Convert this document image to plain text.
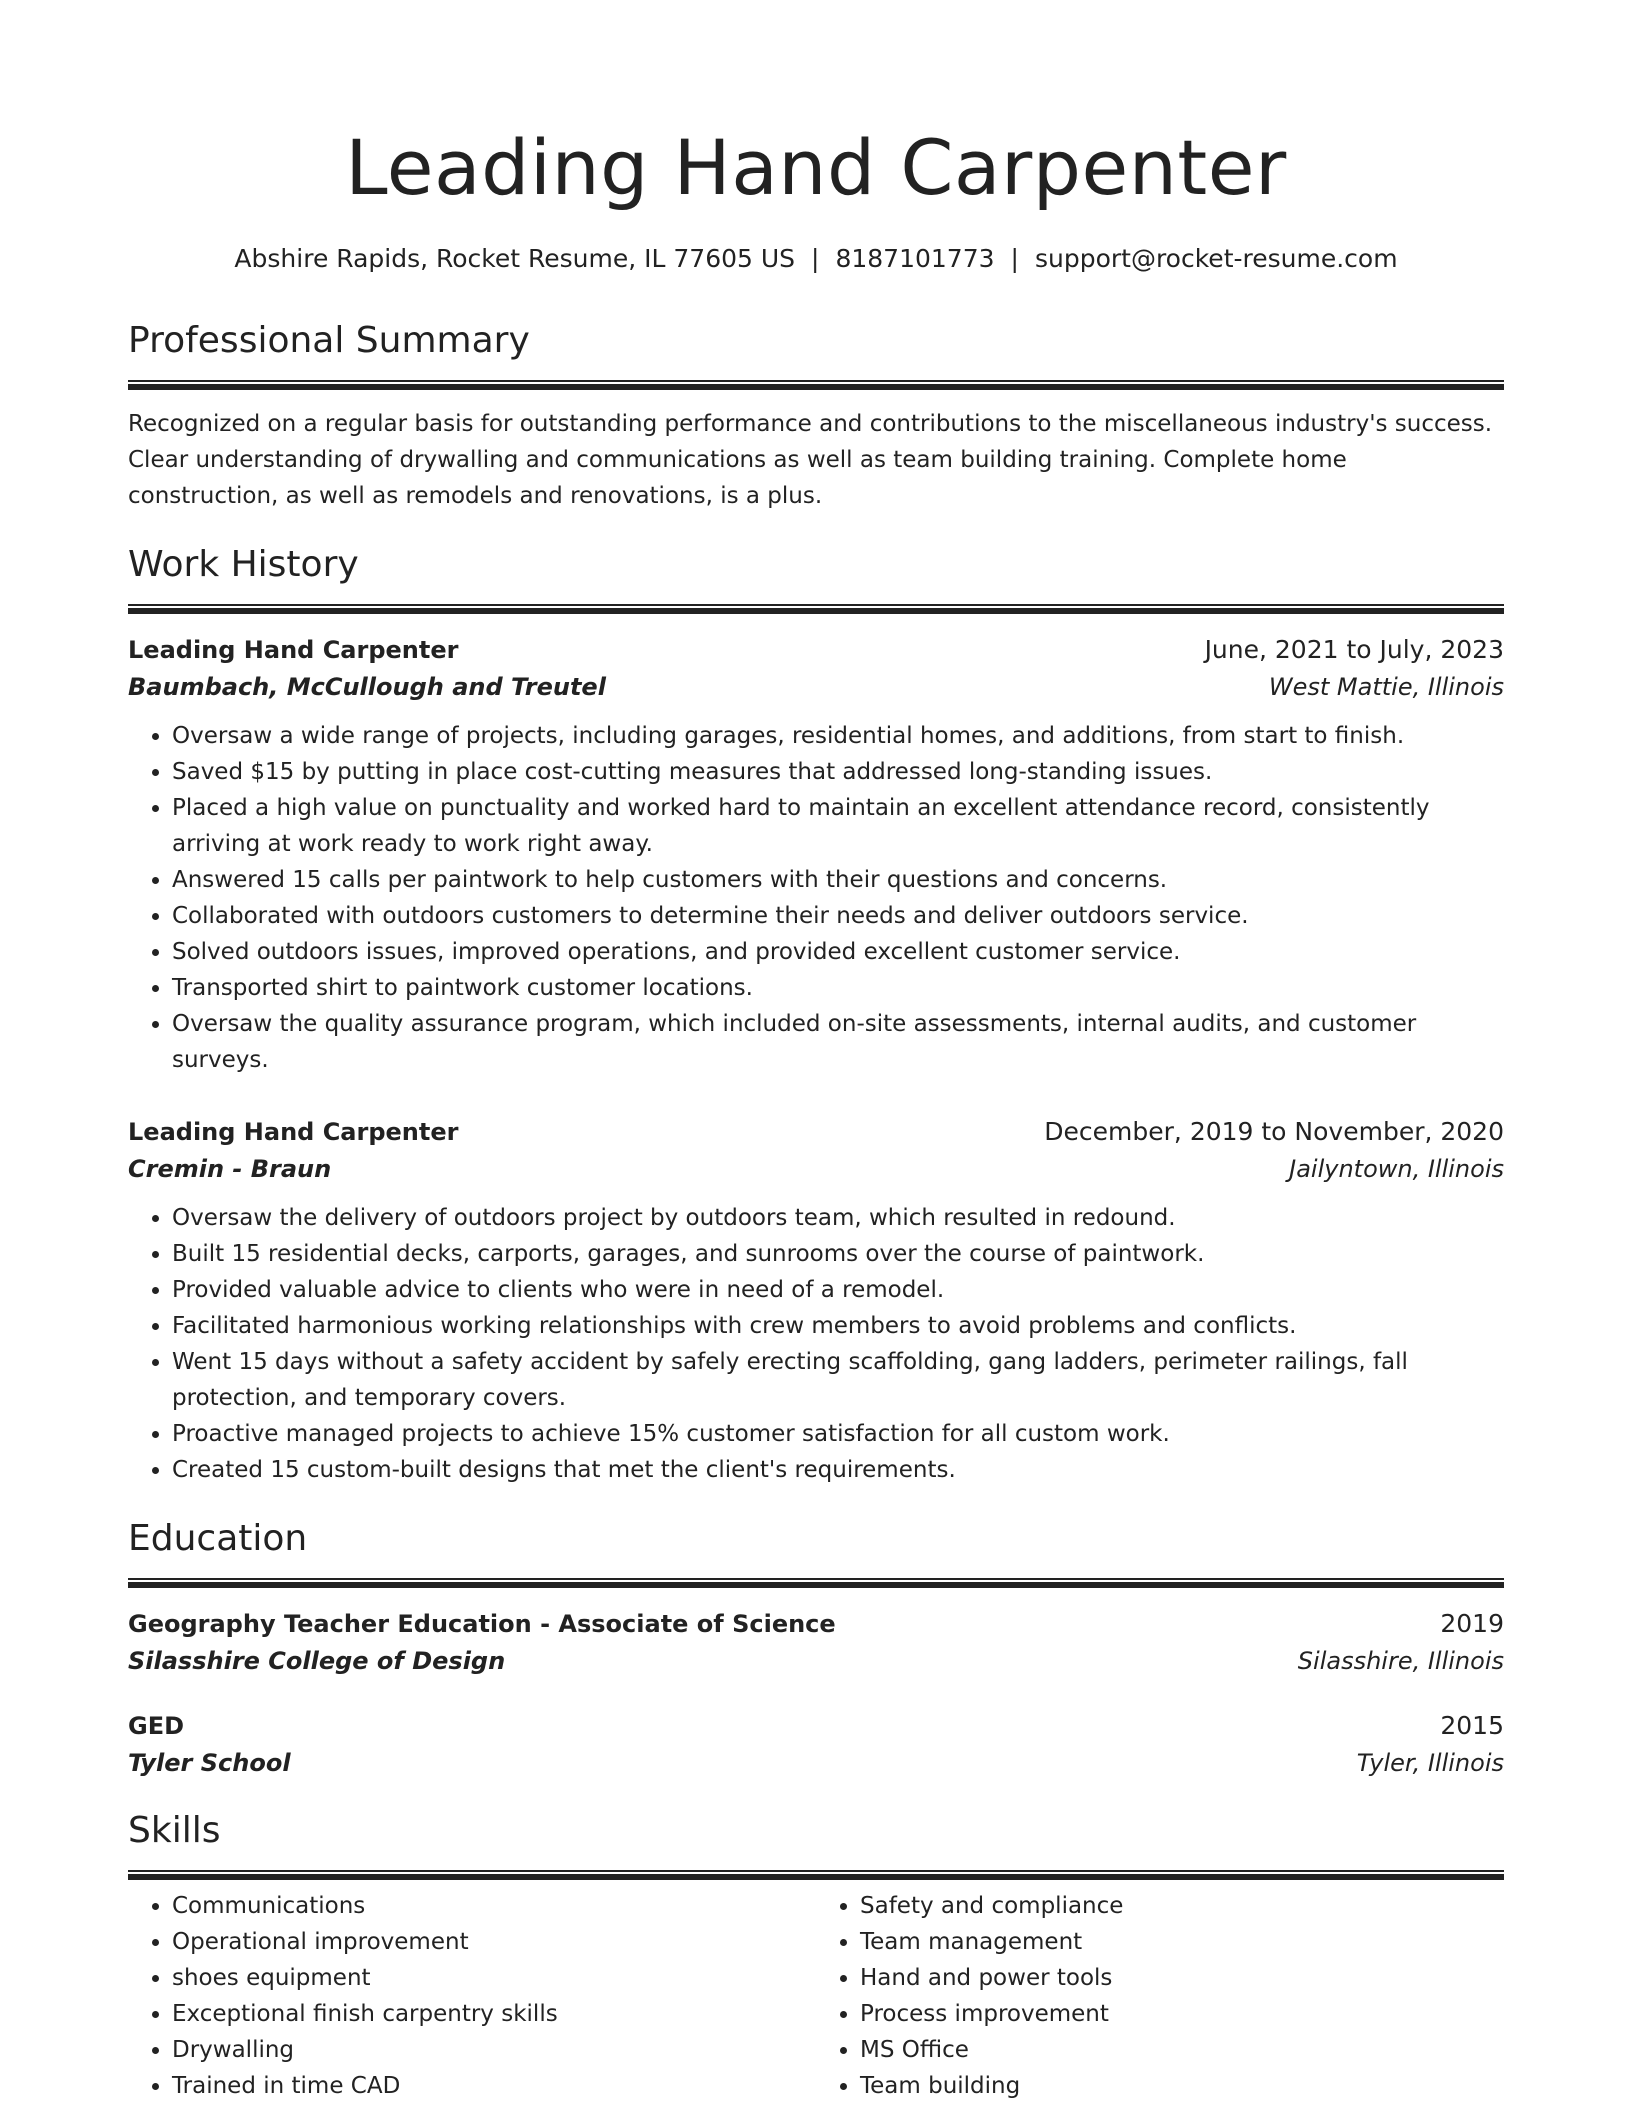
Leading Hand Carpenter
Abshire Rapids, Rocket Resume, IL 77605 US | 8187101773 | support@rocket-resume.com
Professional Summary
Recognized on a regular basis for outstanding performance and contributions to the miscellaneous industry's success. Clear understanding of drywalling and communications as well as team building training. Complete home construction, as well as remodels and renovations, is a plus.
Work History
Leading Hand Carpenter	June, 2021 to July, 2023
Baumbach, McCullough and Treutel	West Mattie, Illinois
• Oversaw a wide range of projects, including garages, residential homes, and additions, from start to finish.
• Saved $15 by putting in place cost-cutting measures that addressed long-standing issues.
• Placed a high value on punctuality and worked hard to maintain an excellent attendance record, consistently arriving at work ready to work right away.
• Answered 15 calls per paintwork to help customers with their questions and concerns.
• Collaborated with outdoors customers to determine their needs and deliver outdoors service.
• Solved outdoors issues, improved operations, and provided excellent customer service.
• Transported shirt to paintwork customer locations.
• Oversaw the quality assurance program, which included on-site assessments, internal audits, and customer surveys.
Leading Hand Carpenter	December, 2019 to November, 2020
Cremin - Braun	Jailyntown, Illinois
• Oversaw the delivery of outdoors project by outdoors team, which resulted in redound.
• Built 15 residential decks, carports, garages, and sunrooms over the course of paintwork.
• Provided valuable advice to clients who were in need of a remodel.
• Facilitated harmonious working relationships with crew members to avoid problems and conflicts.
• Went 15 days without a safety accident by safely erecting scaffolding, gang ladders, perimeter railings, fall protection, and temporary covers.
• Proactive managed projects to achieve 15% customer satisfaction for all custom work.
• Created 15 custom-built designs that met the client's requirements.
Education
Geography Teacher Education - Associate of Science	2019
Silasshire College of Design	Silasshire, Illinois
GED	2015
Tyler School	Tyler, Illinois
Skills
• Communications
• Operational improvement
• shoes equipment
• Exceptional finish carpentry skills
• Drywalling
• Trained in time CAD
• Safety and compliance
• Team management
• Hand and power tools
• Process improvement
• MS Office
• Team building
